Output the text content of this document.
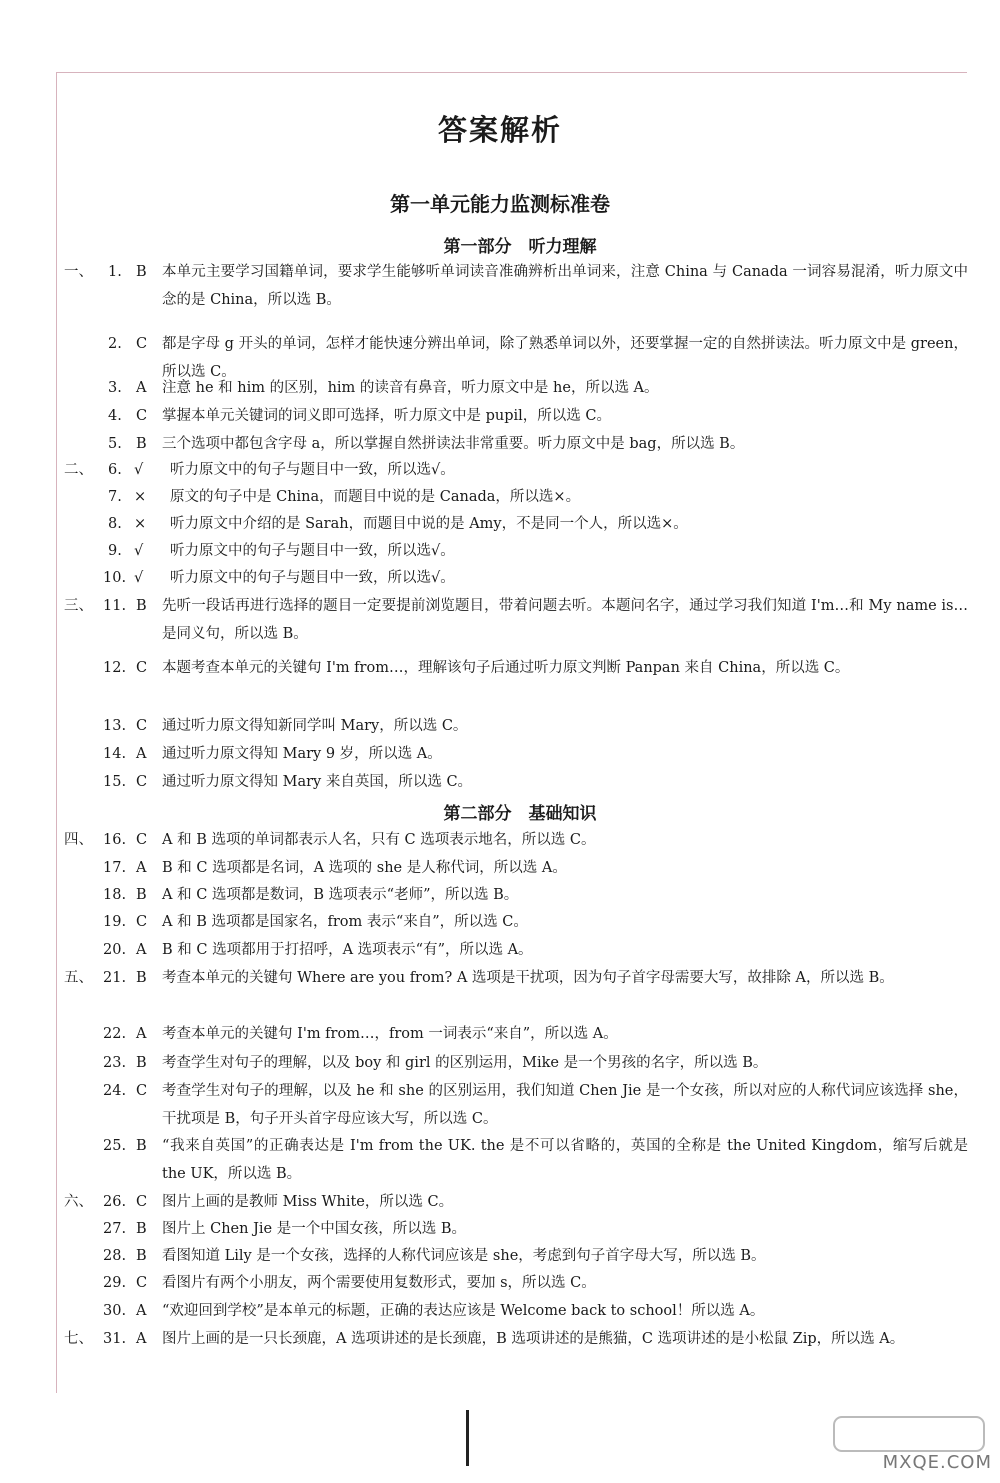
答案解析
第一单元能力监测标准卷
第一部分　听力理解
第二部分　基础知识
一、 1. B 本单元主要学习国籍单词，要求学生能够听单词读音准确辨析出单词来，注意 China 与 Canada 一词容易混淆，听力原文中念的是 China，所以选 B。
2. C 都是字母 g 开头的单词，怎样才能快速分辨出单词，除了熟悉单词以外，还要掌握一定的自然拼读法。听力原文中是 green，所以选 C。
3. A 注意 he 和 him 的区别，him 的读音有鼻音，听力原文中是 he，所以选 A。
4. C 掌握本单元关键词的词义即可选择，听力原文中是 pupil，所以选 C。
5. B 三个选项中都包含字母 a，所以掌握自然拼读法非常重要。听力原文中是 bag，所以选 B。
二、 6. √ 听力原文中的句子与题目中一致，所以选√。
7. × 原文的句子中是 China，而题目中说的是 Canada，所以选×。
8. × 听力原文中介绍的是 Sarah，而题目中说的是 Amy，不是同一个人，所以选×。
9. √ 听力原文中的句子与题目中一致，所以选√。
10. √ 听力原文中的句子与题目中一致，所以选√。
三、 11. B 先听一段话再进行选择的题目一定要提前浏览题目，带着问题去听。本题问名字，通过学习我们知道 I'm…和 My name is…是同义句，所以选 B。
12. C 本题考查本单元的关键句 I'm from…，理解该句子后通过听力原文判断 Panpan 来自 China，所以选 C。
13. C 通过听力原文得知新同学叫 Mary，所以选 C。
14. A 通过听力原文得知 Mary 9 岁，所以选 A。
15. C 通过听力原文得知 Mary 来自英国，所以选 C。
四、 16. C A 和 B 选项的单词都表示人名，只有 C 选项表示地名，所以选 C。
17. A B 和 C 选项都是名词，A 选项的 she 是人称代词，所以选 A。
18. B A 和 C 选项都是数词，B 选项表示“老师”，所以选 B。
19. C A 和 B 选项都是国家名，from 表示“来自”，所以选 C。
20. A B 和 C 选项都用于打招呼，A 选项表示“有”，所以选 A。
五、 21. B 考查本单元的关键句 Where are you from? A 选项是干扰项，因为句子首字母需要大写，故排除 A，所以选 B。
22. A 考查本单元的关键句 I'm from…，from 一词表示“来自”，所以选 A。
23. B 考查学生对句子的理解，以及 boy 和 girl 的区别运用，Mike 是一个男孩的名字，所以选 B。
24. C 考查学生对句子的理解，以及 he 和 she 的区别运用，我们知道 Chen Jie 是一个女孩，所以对应的人称代词应该选择 she，干扰项是 B，句子开头首字母应该大写，所以选 C。
25. B “我来自英国”的正确表达是 I'm from the UK. the 是不可以省略的，英国的全称是 the United Kingdom，缩写后就是 the UK，所以选 B。
六、 26. C 图片上画的是教师 Miss White，所以选 C。
27. B 图片上 Chen Jie 是一个中国女孩，所以选 B。
28. B 看图知道 Lily 是一个女孩，选择的人称代词应该是 she，考虑到句子首字母大写，所以选 B。
29. C 看图片有两个小朋友，两个需要使用复数形式，要加 s，所以选 C。
30. A “欢迎回到学校”是本单元的标题，正确的表达应该是 Welcome back to school！所以选 A。
七、 31. A 图片上画的是一只长颈鹿，A 选项讲述的是长颈鹿，B 选项讲述的是熊猫，C 选项讲述的是小松鼠 Zip，所以选 A。
MXQE.COM
